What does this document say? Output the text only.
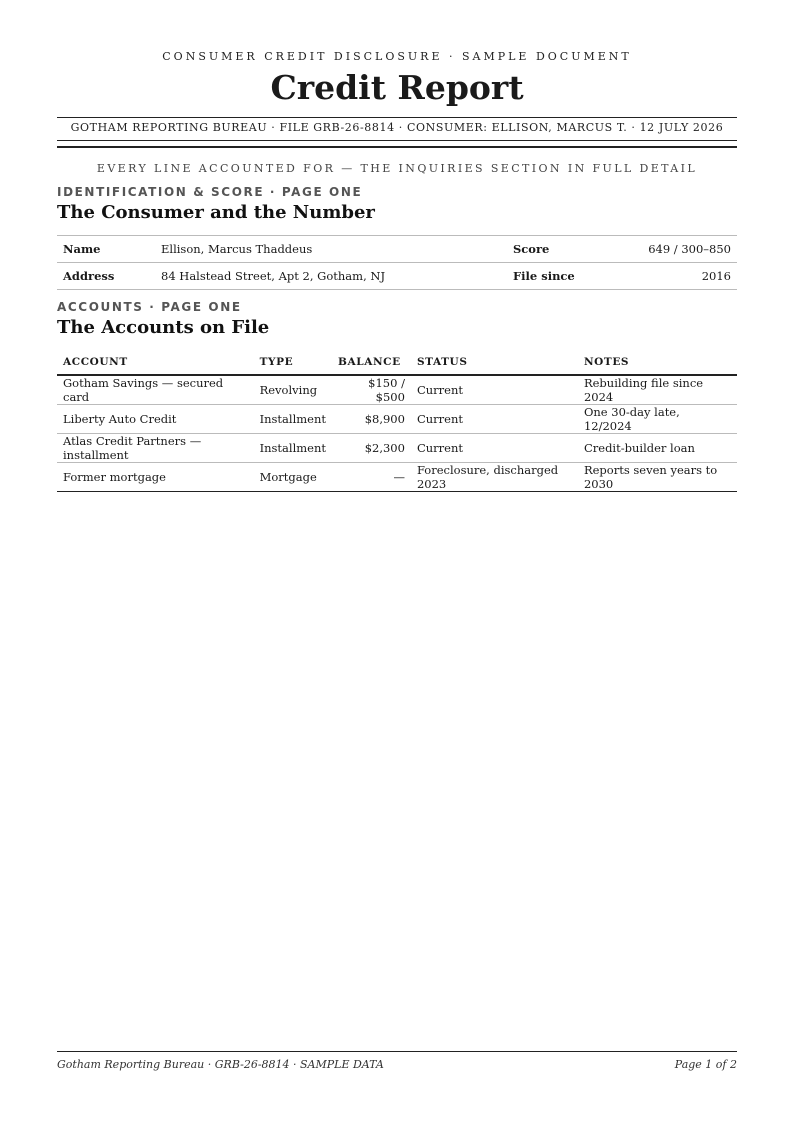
CONSUMER CREDIT DISCLOSURE · SAMPLE DOCUMENT
Credit Report
GOTHAM REPORTING BUREAU · FILE GRB-26-8814 · CONSUMER: ELLISON, MARCUS T. · 12 JULY 2026
EVERY LINE ACCOUNTED FOR — THE INQUIRIES SECTION IN FULL DETAIL
IDENTIFICATION & SCORE · PAGE ONE
The Consumer and the Number
Name	Ellison, Marcus Thaddeus	Score	649 / 300–850
Address	84 Halstead Street, Apt 2, Gotham, NJ	File since	2016
ACCOUNTS · PAGE ONE
The Accounts on File
ACCOUNT	TYPE	BALANCE	STATUS	NOTES
Gotham Savings — secured card	Revolving	$150 / $500	Current	Rebuilding file since 2024
Liberty Auto Credit	Installment	$8,900	Current	One 30-day late, 12/2024
Atlas Credit Partners — installment	Installment	$2,300	Current	Credit-builder loan
Former mortgage	Mortgage	—	Foreclosure, discharged 2023	Reports seven years to 2030
Gotham Reporting Bureau · GRB-26-8814 · SAMPLE DATA	Page 1 of 2
